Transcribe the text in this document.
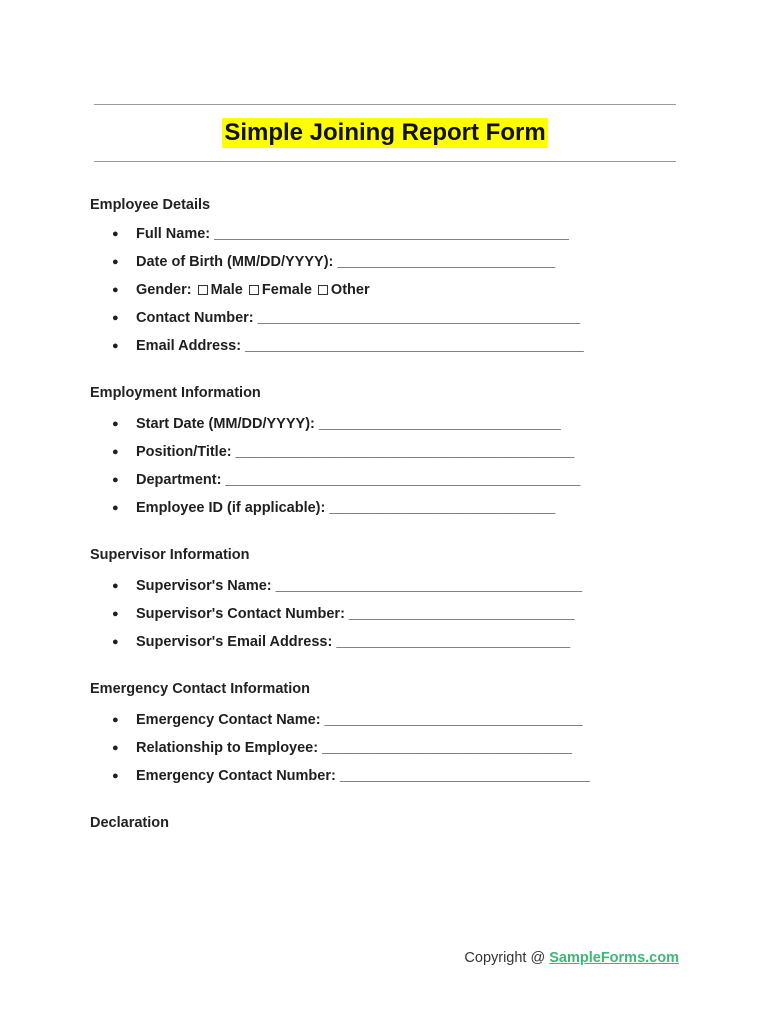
Simple Joining Report Form
Employee Details
● Full Name: ____________________________________________
● Date of Birth (MM/DD/YYYY): ___________________________
● Gender: Male Female Other
● Contact Number: ________________________________________
● Email Address: __________________________________________
Employment Information
● Start Date (MM/DD/YYYY): ______________________________
● Position/Title: __________________________________________
● Department: ____________________________________________
● Employee ID (if applicable): ____________________________
Supervisor Information
● Supervisor's Name: ______________________________________
● Supervisor's Contact Number: ____________________________
● Supervisor's Email Address: _____________________________
Emergency Contact Information
● Emergency Contact Name: ________________________________
● Relationship to Employee: _______________________________
● Emergency Contact Number: _______________________________
Declaration
Copyright @ SampleForms.com
